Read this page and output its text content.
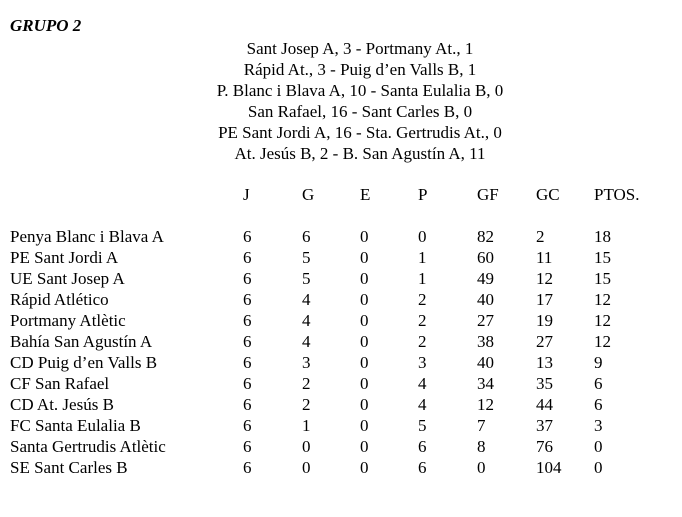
GRUPO 2
Sant Josep A, 3 - Portmany At., 1
Rápid At., 3 - Puig d’en Valls B, 1
P. Blanc i Blava A, 10 - Santa Eulalia B, 0
San Rafael, 16 - Sant Carles B, 0
PE Sant Jordi A, 16 - Sta. Gertrudis At., 0
At. Jesús B, 2 - B. San Agustín A, 11
J	G	E	P	GF GC PTOS.
Penya Blanc i Blava A	6	6	0	0	82 2	18
PE Sant Jordi A	6	5	0	1	60 11 15
UE Sant Josep A	6	5	0	1	49 12 15
Rápid Atlético	6	4	0	2	40 17 12
Portmany Atlètic	6	4	0	2	27 19 12
Bahía San Agustín A	6	4	0	2	38 27 12
CD Puig d’en Valls B	6	3	0	3	40 13 9
CF San Rafael	6	2	0	4	34 35 6
CD At. Jesús B	6	2	0	4	12 44 6
FC Santa Eulalia B	6	1	0	5	7	37 3
Santa Gertrudis Atlètic	6	0	0	6	8	76 0
SE Sant Carles B	6	0	0	6	0	104 0
